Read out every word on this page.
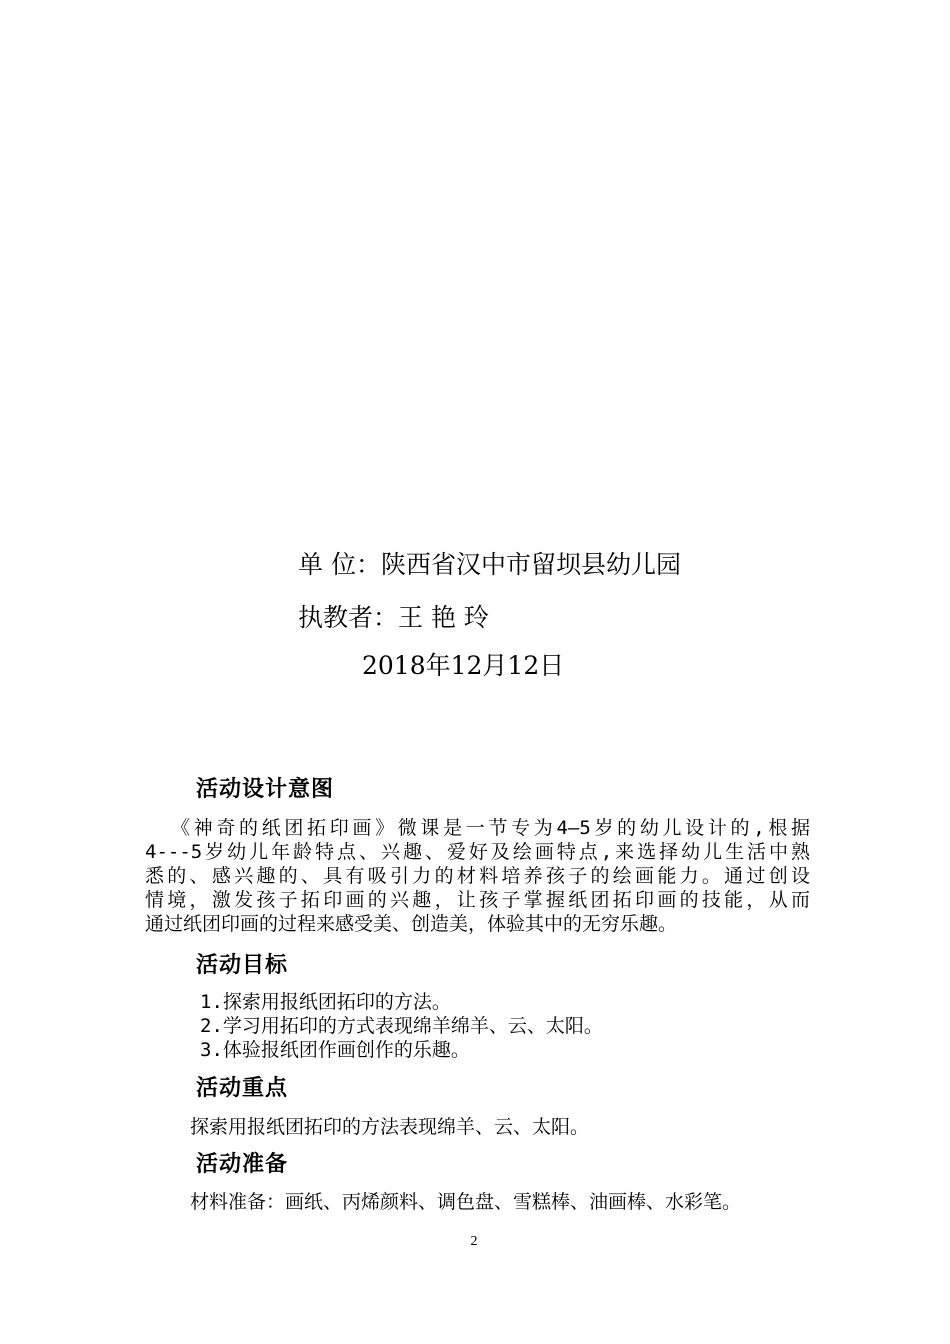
单 位：陕西省汉中市留坝县幼儿园
执教者：王 艳 玲
2018年12月12日
活动设计意图
《神奇的纸团拓印画》微课是一节专为4—5岁的幼儿设计的,根据
4---5岁幼儿年龄特点、兴趣、爱好及绘画特点,来选择幼儿生活中熟
悉的、感兴趣的、具有吸引力的材料培养孩子的绘画能力。通过创设
情境，激发孩子拓印画的兴趣，让孩子掌握纸团拓印画的技能，从而
通过纸团印画的过程来感受美、创造美，体验其中的无穷乐趣。
活动目标
1.探索用报纸团拓印的方法。
2.学习用拓印的方式表现绵羊绵羊、云、太阳。
3.体验报纸团作画创作的乐趣。
活动重点
探索用报纸团拓印的方法表现绵羊、云、太阳。
活动准备
材料准备：画纸、丙烯颜料、调色盘、雪糕棒、油画棒、水彩笔。
2
